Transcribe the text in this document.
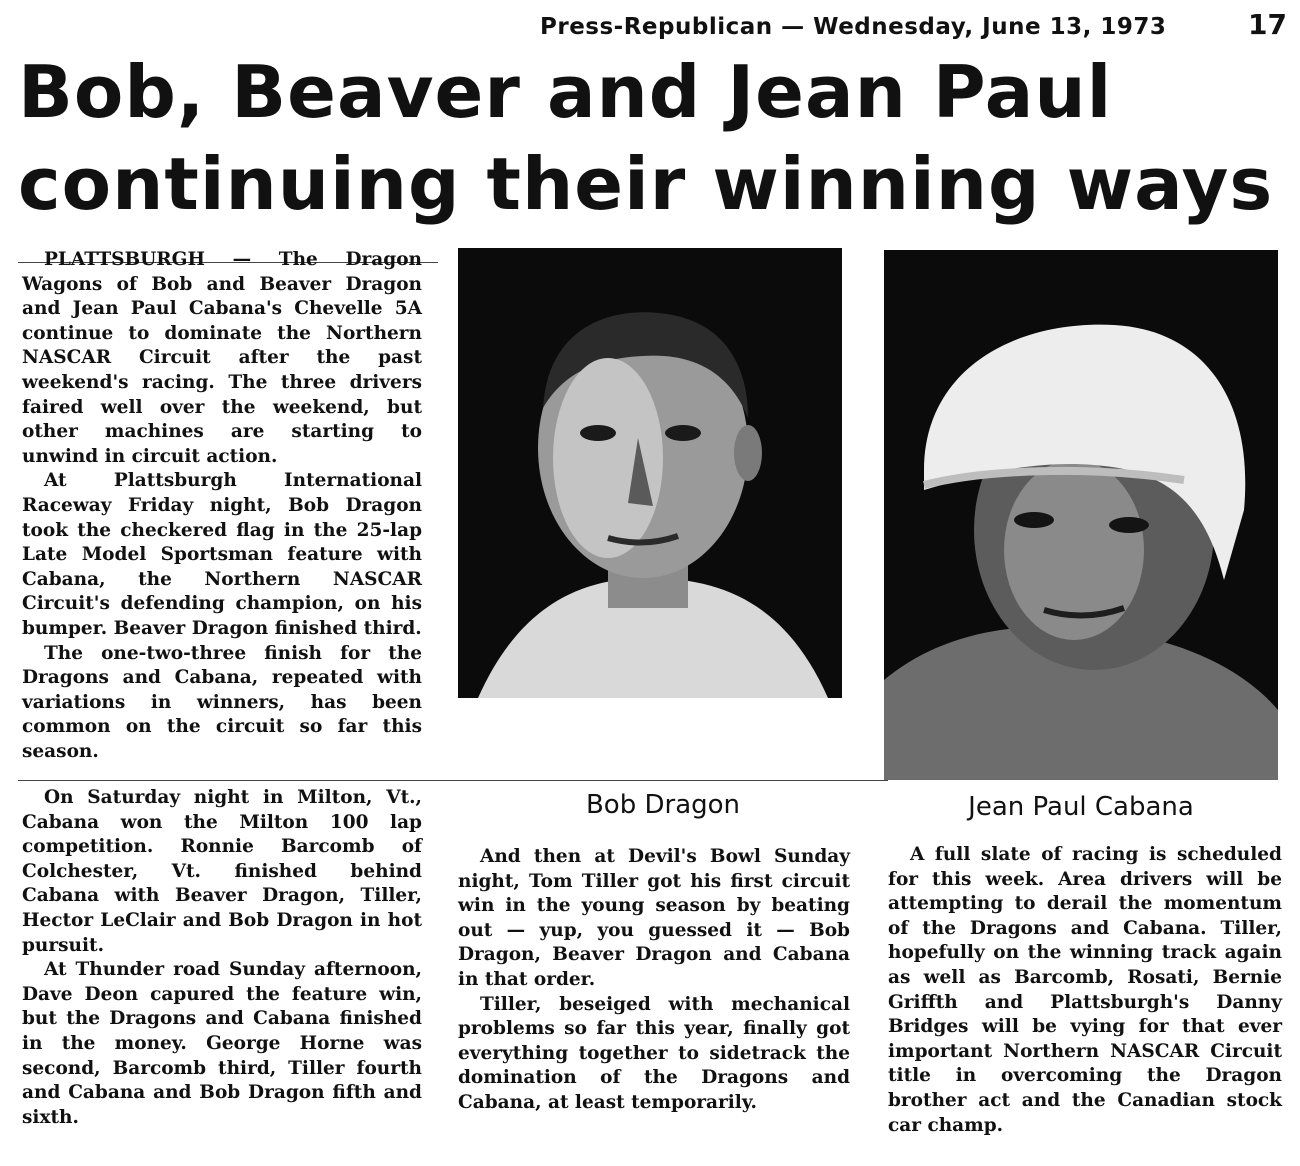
Press-Republican — Wednesday, June 13, 1973	17
Bob, Beaver and Jean Paul
continuing their winning ways

PLATTSBURGH — The Dragon Wagons of Bob and Beaver Dragon and Jean Paul Cabana's Chevelle 5A continue to dominate the Northern NASCAR Circuit after the past weekend's racing. The three drivers faired well over the weekend, but other machines are starting to unwind in circuit action.

At Plattsburgh International Raceway Friday night, Bob Dragon took the checkered flag in the 25-lap Late Model Sportsman feature with Cabana, the Northern NASCAR Circuit's defending champion, on his bumper. Beaver Dragon finished third.

The one-two-three finish for the Dragons and Cabana, repeated with variations in winners, has been common on the circuit so far this season.

On Saturday night in Milton, Vt., Cabana won the Milton 100 lap competition. Ronnie Barcomb of Colchester, Vt. finished behind Cabana with Beaver Dragon, Tiller, Hector LeClair and Bob Dragon in hot pursuit.

At Thunder road Sunday afternoon, Dave Deon capured the feature win, but the Dragons and Cabana finished in the money. George Horne was second, Barcomb third, Tiller fourth and Cabana and Bob Dragon fifth and sixth.

Bob Dragon	Jean Paul Cabana

And then at Devil's Bowl Sunday night, Tom Tiller got his first circuit win in the young season by beating out — yup, you guessed it — Bob Dragon, Beaver Dragon and Cabana in that order.

Tiller, beseiged with mechanical problems so far this year, finally got everything together to sidetrack the domination of the Dragons and Cabana, at least temporarily.

A full slate of racing is scheduled for this week. Area drivers will be attempting to derail the momentum of the Dragons and Cabana. Tiller, hopefully on the winning track again as well as Barcomb, Rosati, Bernie Griffth and Plattsburgh's Danny Bridges will be vying for that ever important Northern NASCAR Circuit title in overcoming the Dragon brother act and the Canadian stock car champ.
